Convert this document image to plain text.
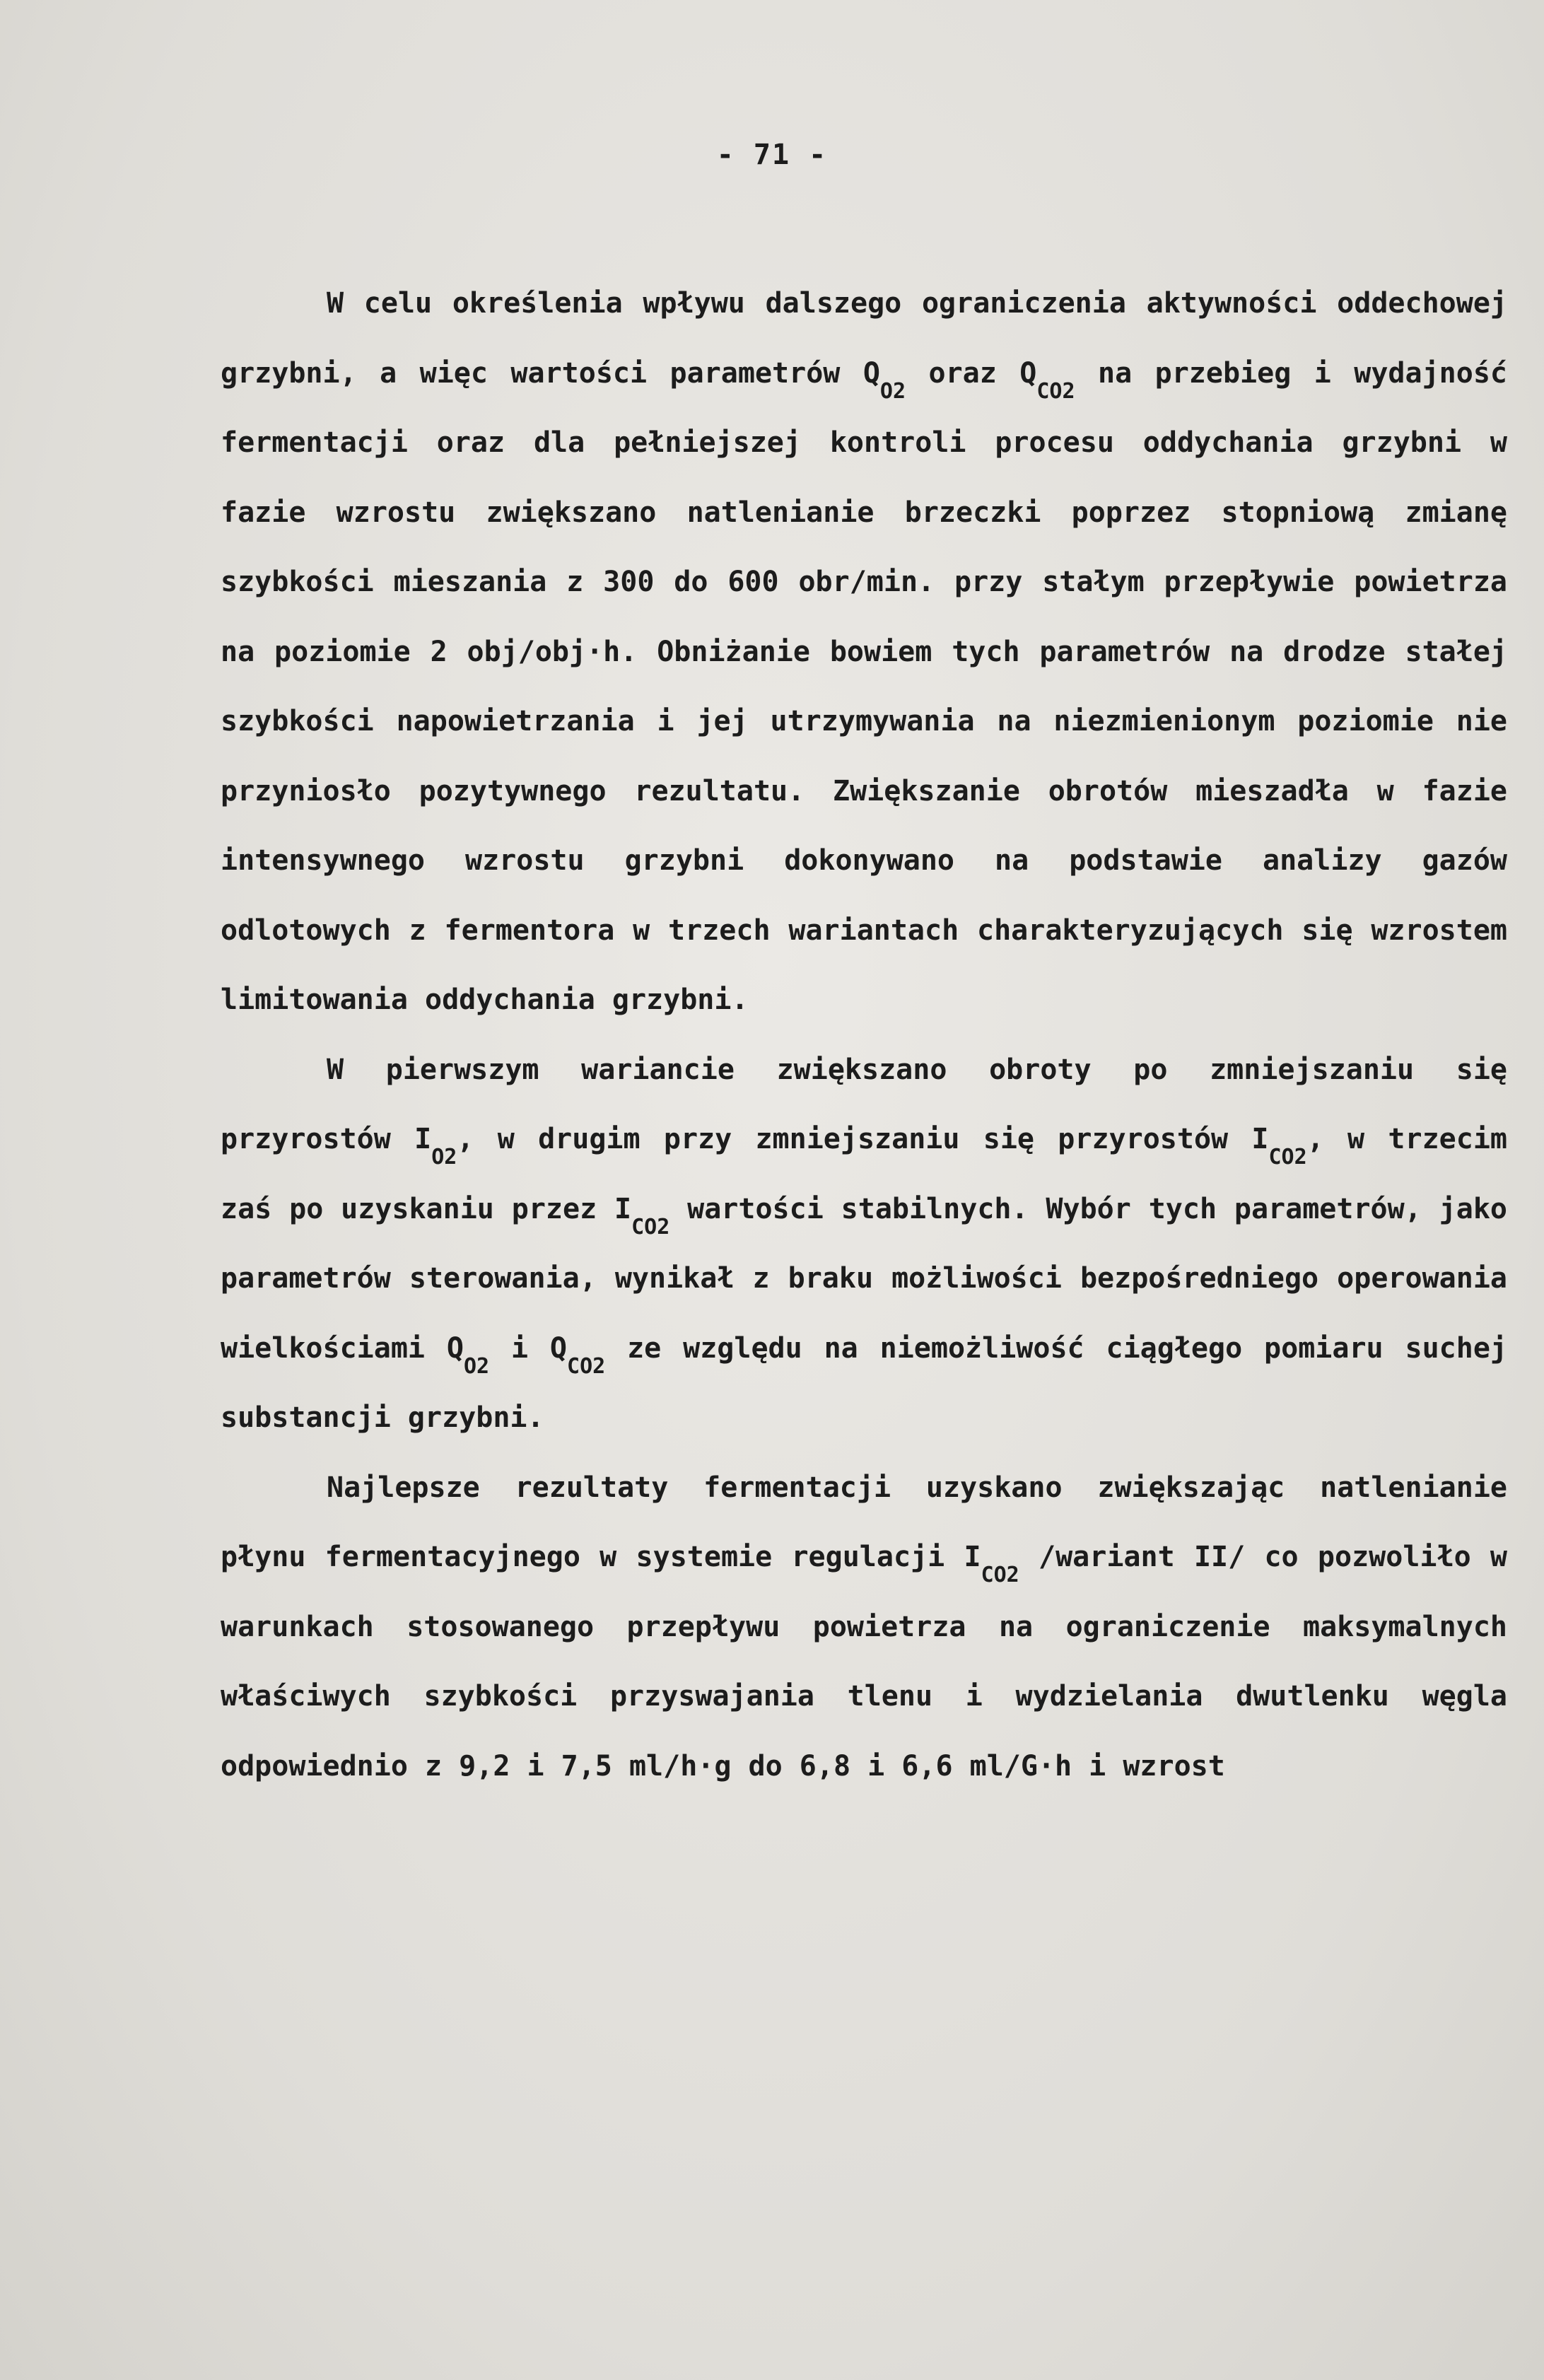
- 71 -

W celu określenia wpływu dalszego ograniczenia aktywności oddechowej grzybni, a więc wartości parametrów $Q_{O2}$ oraz $Q_{CO2}$ na przebieg i wydajność fermentacji oraz dla pełniejszej kontroli procesu oddychania grzybni w fazie wzrostu zwiększano natlenianie brzeczki poprzez stopniową zmianę szybkości mieszania z 300 do 600 obr/min. przy stałym przepływie powietrza na poziomie 2 obj/obj·h. Obniżanie bowiem tych parametrów na drodze stałej szybkości napowietrzania i jej utrzymywania na niezmienionym poziomie nie przyniosło pozytywnego rezultatu. Zwiększanie obrotów mieszadła w fazie intensywnego wzrostu grzybni dokonywano na podstawie analizy gazów odlotowych z fermentora w trzech wariantach charakteryzujących się wzrostem limitowania oddychania grzybni.

W pierwszym wariancie zwiększano obroty po zmniejszaniu się przyrostów $I_{O2}$, w drugim przy zmniejszaniu się przyrostów $I_{CO2}$, w trzecim zaś po uzyskaniu przez $I_{CO2}$ wartości stabilnych. Wybór tych parametrów, jako parametrów sterowania, wynikał z braku możliwości bezpośredniego operowania wielkościami $Q_{O2}$ i $Q_{CO2}$ ze względu na niemożliwość ciągłego pomiaru suchej substancji grzybni.

Najlepsze rezultaty fermentacji uzyskano zwiększając natlenianie płynu fermentacyjnego w systemie regulacji $I_{CO2}$ /wariant II/ co pozwoliło w warunkach stosowanego przepływu powietrza na ograniczenie maksymalnych właściwych szybkości przyswajania tlenu i wydzielania dwutlenku węgla odpowiednio z 9,2 i 7,5 ml/h·g do 6,8 i 6,6 ml/G·h i wzrost
